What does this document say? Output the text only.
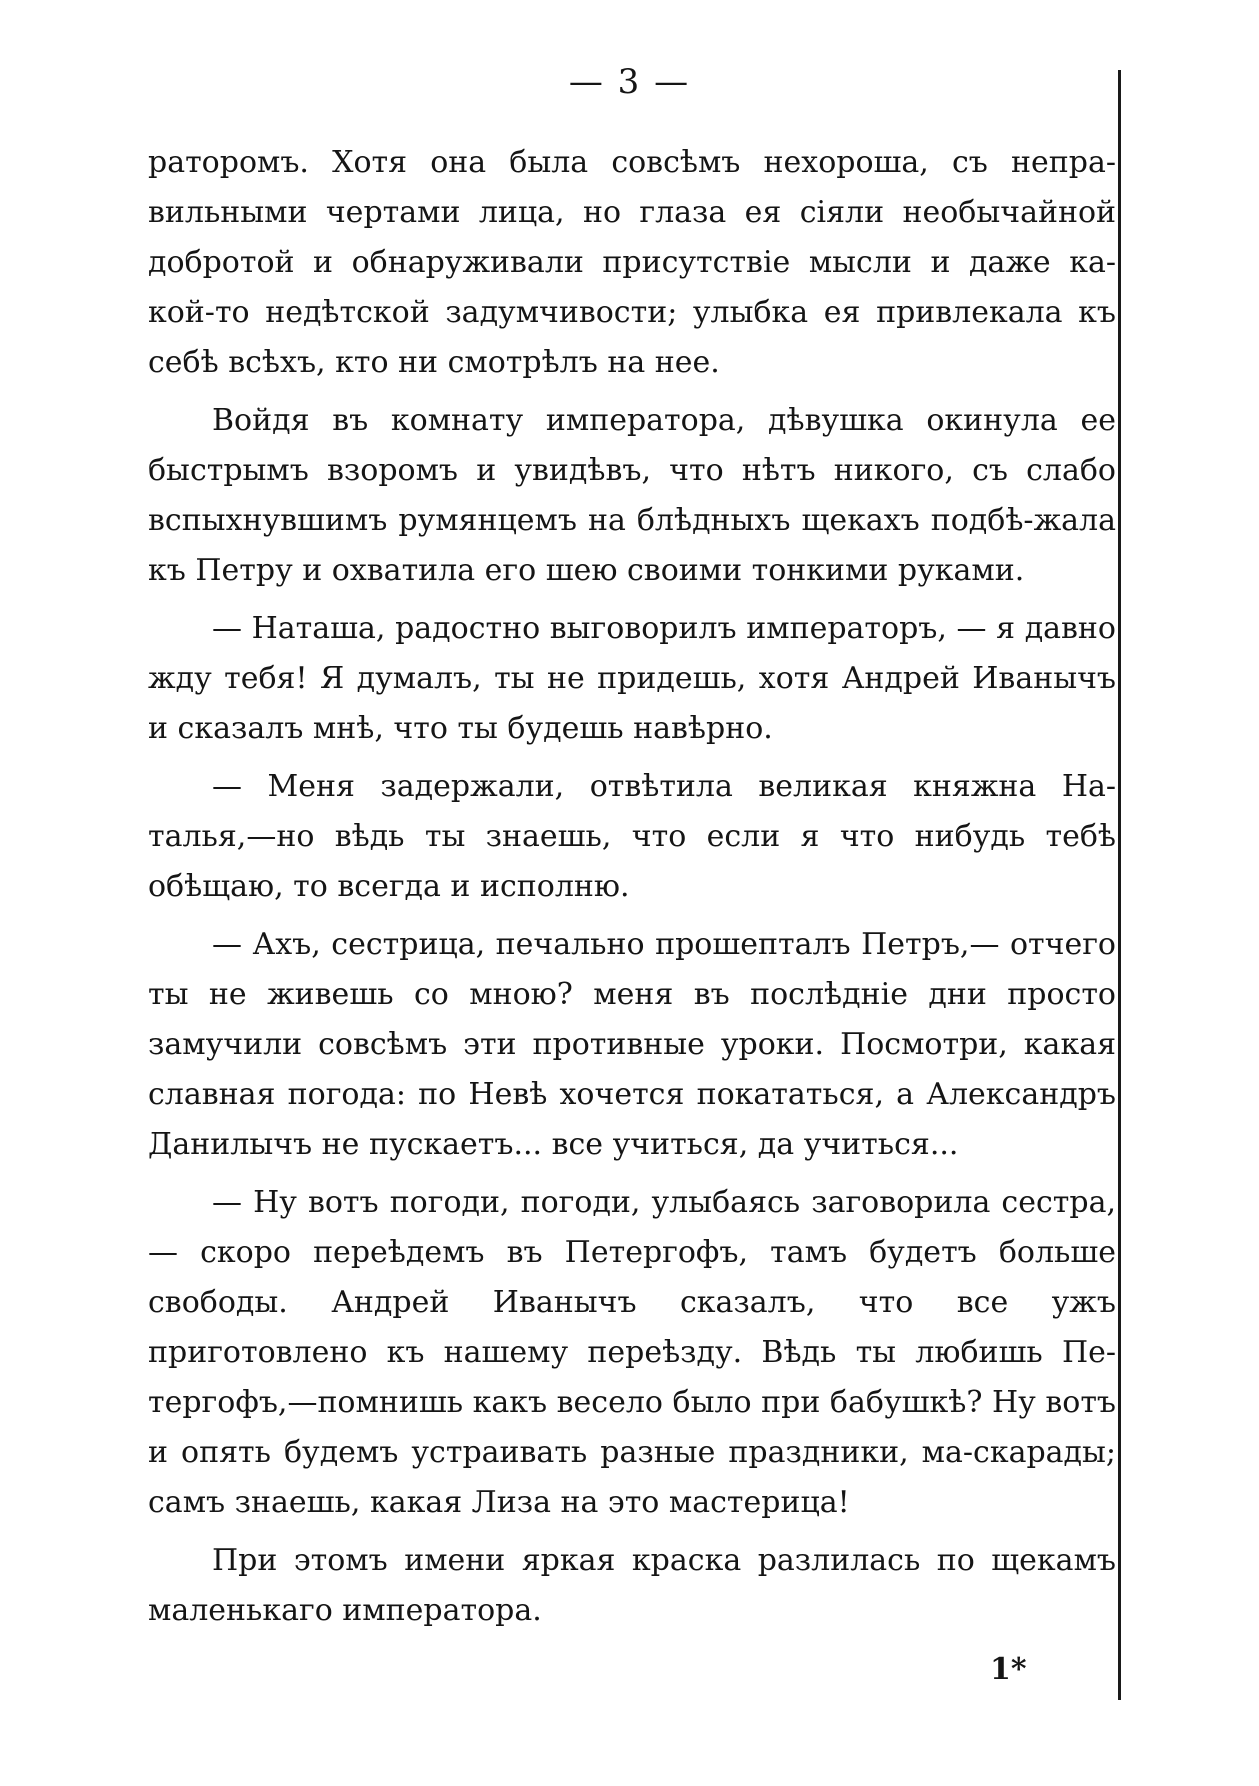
— 3 —

раторомъ. Хотя она была совсѣмъ нехороша, съ непра-вильными чертами лица, но глаза ея сіяли необычайной добротой и обнаруживали присутствіе мысли и даже ка-кой-то недѣтской задумчивости; улыбка ея привлекала къ себѣ всѣхъ, кто ни смотрѣлъ на нее.

Войдя въ комнату императора, дѣвушка окинула ее быстрымъ взоромъ и увидѣвъ, что нѣтъ никого, съ слабо вспыхнувшимъ румянцемъ на блѣдныхъ щекахъ подбѣ-жала къ Петру и охватила его шею своими тонкими руками.

— Наташа, радостно выговорилъ императоръ, — я давно жду тебя! Я думалъ, ты не придешь, хотя Андрей Иванычъ и сказалъ мнѣ, что ты будешь навѣрно.

— Меня задержали, отвѣтила великая княжна На-талья,—но вѣдь ты знаешь, что если я что нибудь тебѣ обѣщаю, то всегда и исполню.

— Ахъ, сестрица, печально прошепталъ Петръ,— отчего ты не живешь со мною? меня въ послѣдніе дни просто замучили совсѣмъ эти противные уроки. Посмотри, какая славная погода: по Невѣ хочется покататься, а Александръ Данилычъ не пускаетъ... все учиться, да учиться...

— Ну вотъ погоди, погоди, улыбаясь заговорила сестра, — скоро переѣдемъ въ Петергофъ, тамъ будетъ больше свободы. Андрей Иванычъ сказалъ, что все ужъ приготовлено къ нашему переѣзду. Вѣдь ты любишь Пе-тергофъ,—помнишь какъ весело было при бабушкѣ? Ну вотъ и опять будемъ устраивать разные праздники, ма-скарады; самъ знаешь, какая Лиза на это мастерица!

При этомъ имени яркая краска разлилась по щекамъ маленькаго императора.

1*
